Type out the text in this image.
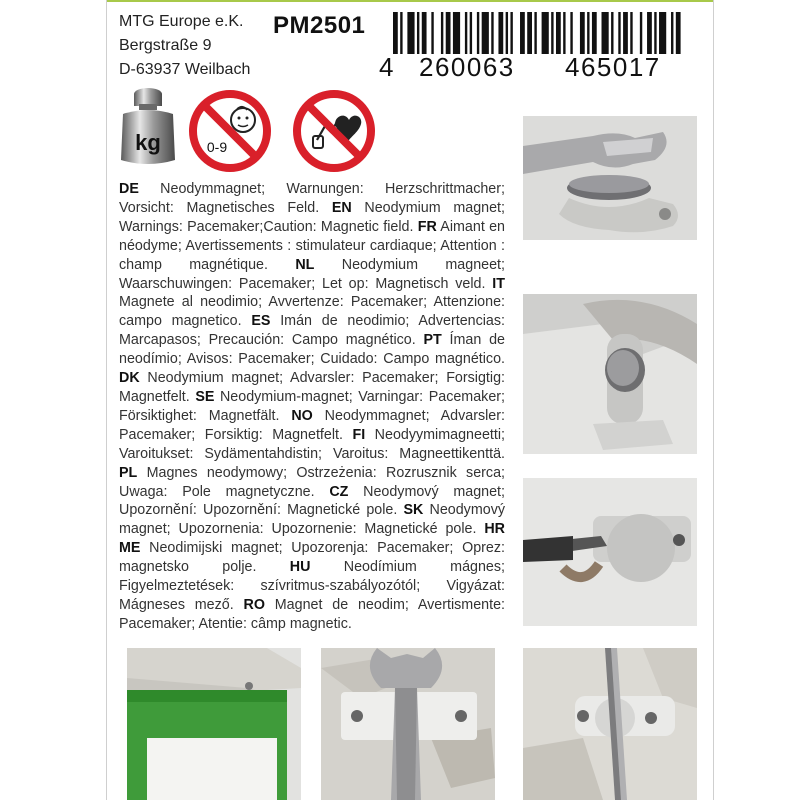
MTG Europe e.K.
Bergstraße 9
D-63937 Weilbach
PM2501
4 260063 465017
kg	0-9
DE Neodymmagnet; Warnungen: Herzschrittmacher; Vorsicht: Magnetisches Feld. EN Neodymium magnet; Warnings: Pacemaker;Caution: Magnetic field. FR Aimant en néodyme; Avertissements : stimulateur cardiaque; Attention : champ magnétique. NL Neodymium magneet; Waarschuwingen: Pacemaker; Let op: Magnetisch veld. IT Magnete al neodimio; Avvertenze: Pacemaker; Attenzione: campo magnetico. ES Imán de neodimio; Advertencias: Marcapasos; Precaución: Campo magnético. PT Íman de neodímio; Avisos: Pacemaker; Cuidado: Campo magnético. DK Neodymium magnet; Advarsler: Pacemaker; Forsigtig: Magnetfelt. SE Neodymium-magnet; Varningar: Pacemaker; Försiktighet: Magnetfält. NO Neodymmagnet; Advarsler: Pacemaker; Forsiktig: Magnetfelt. FI Neodyymimagneetti; Varoitukset: Sydämentahdistin; Varoitus: Magneettikenttä. PL Magnes neodymowy; Ostrzeżenia: Rozrusznik serca; Uwaga: Pole magnetyczne. CZ Neodymový magnet; Upozornění: Upozornění: Magnetické pole. SK Neodymový magnet; Upozornenia: Upozornenie: Magnetické pole. HR ME Neodimijski magnet; Upozorenja: Pacemaker; Oprez: magnetsko polje. HU Neodímium mágnes; Figyelmeztetések: szívritmus-szabályozótól; Vigyázat: Mágneses mező. RO Magnet de neodim; Avertismente: Pacemaker; Atentie: câmp magnetic.
